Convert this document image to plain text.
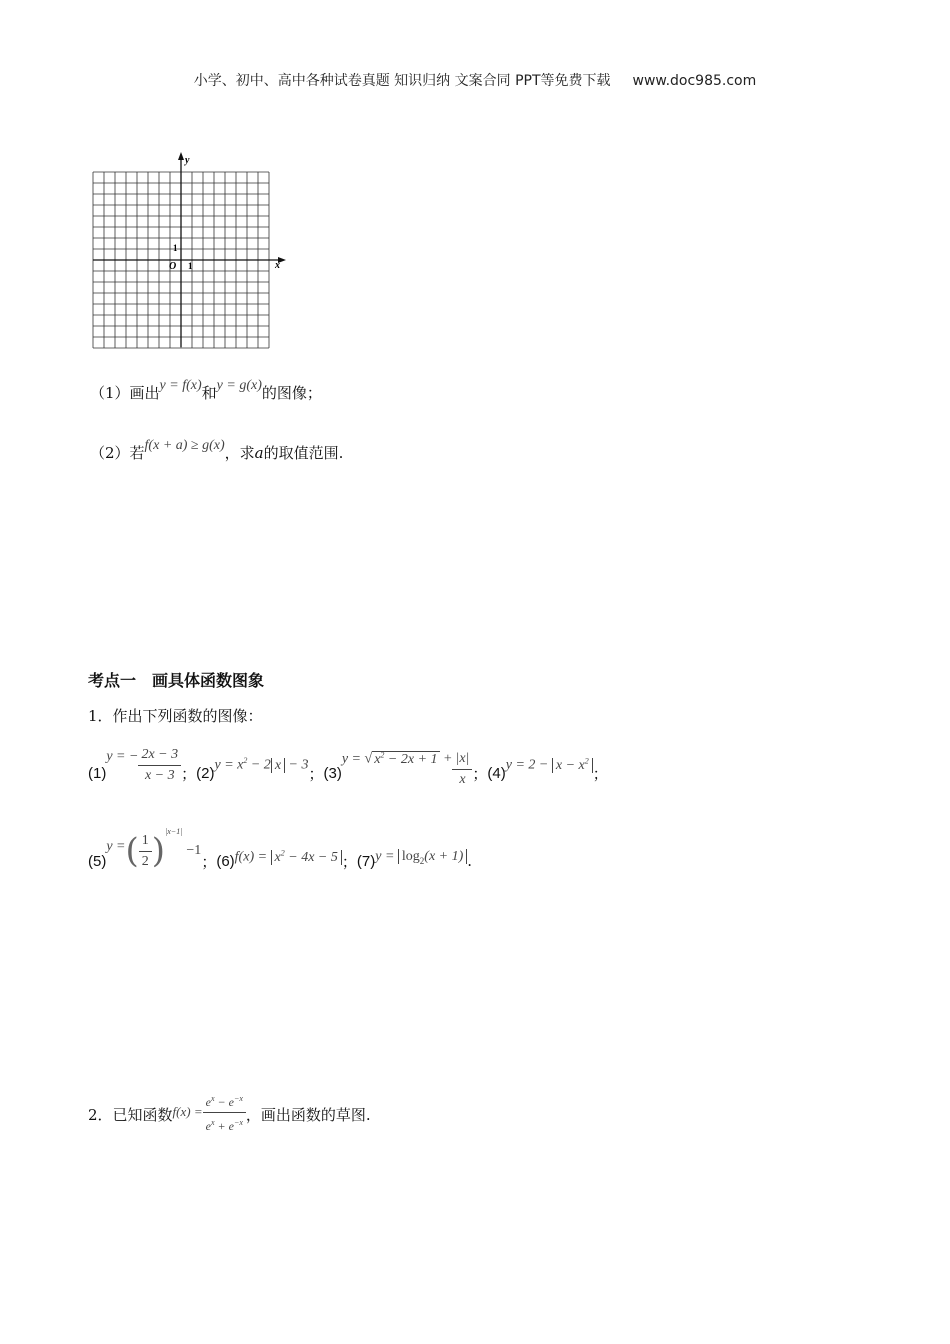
小学、初中、高中各种试卷真题 知识归纳 文案合同 PPT等免费下载 www.doc985.com
y
x
O 1
1
（1）画出y = f(x)和y = g(x)的图像；
（2）若f(x + a) ≥ g(x)，求a的取值范围.
考点一　画具体函数图象
1．作出下列函数的图像：
(1)
y = − $\frac{2x - 3}{x - 3}$ ； (2) $y = x^2 - 2$ x − 3 ； (3)
y = √ $x^2 - 2x + 1 + \frac{|x|}{x}$ ； (4) $y = 2 - x - x^2$
；
(5)
y = ( $\frac{1}{2}$ ) |x−1|
−1
； (6) $f(x) = x^2 - 4x - 5$ ； (7) $y = \log_2(x + 1)$ .
2．已知函数 $f(x) = \frac{e^x - e^{-x}}{e^x + e^{-x}}$ ，画出函数的草图.
